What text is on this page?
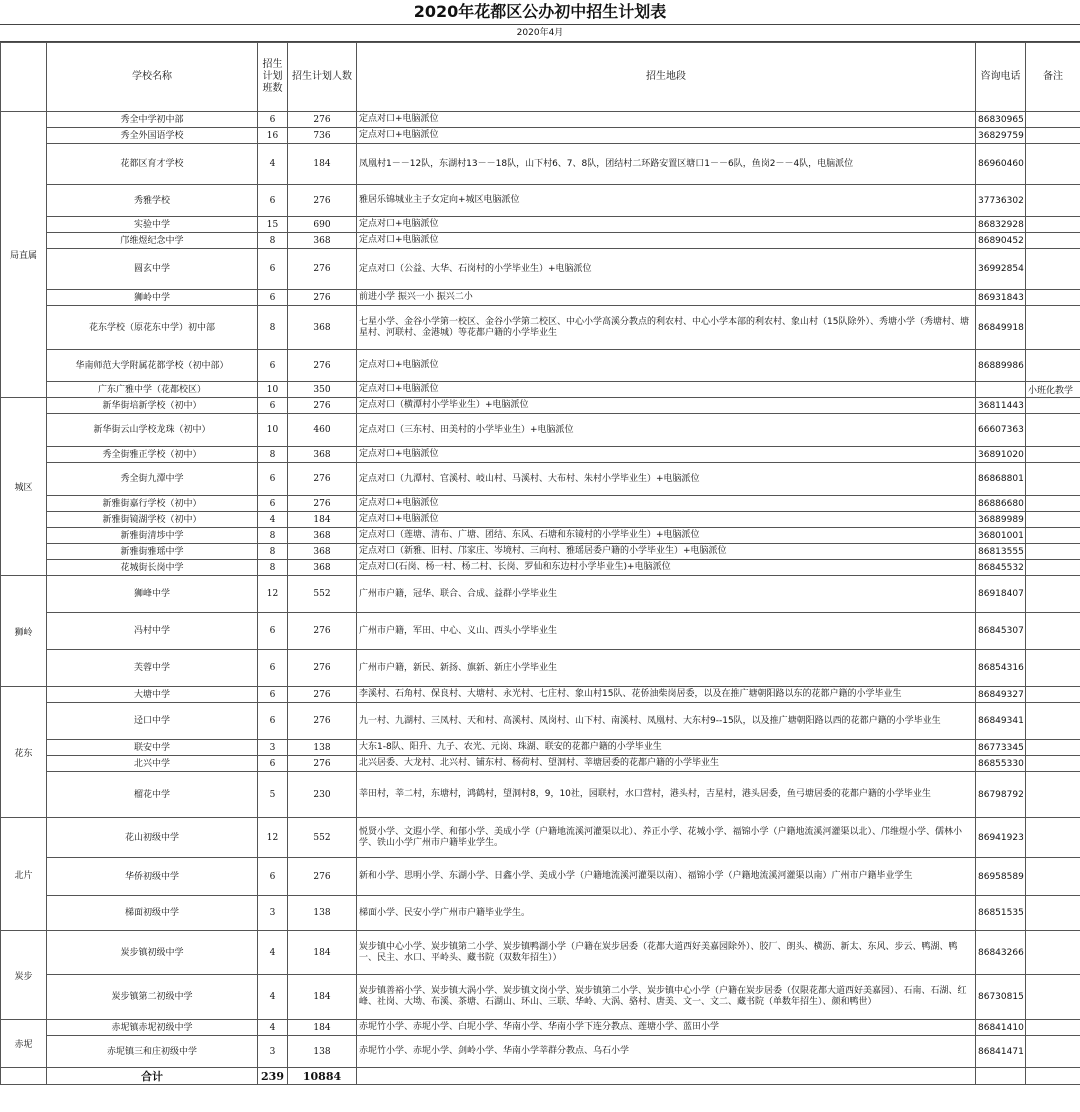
2020年花都区公办初中招生计划表
2020年4月
	学校名称	招生计划班数	招生计划人数	招生地段	咨询电话	备注
局直属	秀全中学初中部	6	276	定点对口+电脑派位	86830965	
	秀全外国语学校	16	736	定点对口+电脑派位	36829759	
	花都区育才学校	4	184	凤凰村1－－12队，东湖村13－－18队，山下村6、7、8队，团结村二环路安置区塘口1－－6队，鱼岗2－－4队，电脑派位	86960460	
	秀雅学校	6	276	雅居乐锦城业主子女定向+城区电脑派位	37736302	
	实验中学	15	690	定点对口+电脑派位	86832928	
	邝维煜纪念中学	8	368	定点对口+电脑派位	86890452	
	圆玄中学	6	276	定点对口（公益、大华、石岗村的小学毕业生）+电脑派位	36992854	
	狮岭中学	6	276	前进小学 振兴一小 振兴二小	86931843	
	花东学校（原花东中学）初中部	8	368	七星小学、金谷小学第一校区、金谷小学第二校区、中心小学高溪分教点的利农村、中心小学本部的利农村、象山村（15队除外）、秀塘小学（秀塘村、塘星村、河联村、金港城）等花都户籍的小学毕业生	86849918	
	华南师范大学附属花都学校（初中部）	6	276	定点对口+电脑派位	86889986	
	广东广雅中学（花都校区）	10	350	定点对口+电脑派位		小班化教学
城区	新华街培新学校（初中）	6	276	定点对口（横潭村小学毕业生）+电脑派位	36811443	
	新华街云山学校龙珠（初中）	10	460	定点对口（三东村、田美村的小学毕业生）+电脑派位	66607363	
	秀全街雅正学校（初中）	8	368	定点对口+电脑派位	36891020	
	秀全街九潭中学	6	276	定点对口（九潭村、官溪村、岐山村、马溪村、大布村、朱村小学毕业生）+电脑派位	86868801	
	新雅街嘉行学校（初中）	6	276	定点对口+电脑派位	86886680	
	新雅街镜湖学校（初中）	4	184	定点对口+电脑派位	36889989	
	新雅街清埗中学	8	368	定点对口（莲塘、清布、广塘、团结、东风、石塘和东镜村的小学毕业生）+电脑派位	36801001	
	新雅街雅瑶中学	8	368	定点对口（新雅、旧村、邝家庄、岑境村、三向村、雅瑶居委户籍的小学毕业生）+电脑派位	86813555	
	花城街长岗中学	8	368	定点对口(石岗、杨一村、杨二村、长岗、罗仙和东边村小学毕业生)+电脑派位	86845532	
狮岭	狮峰中学	12	552	广州市户籍，冠华、联合、合成、益群小学毕业生	86918407	
	冯村中学	6	276	广州市户籍，军田、中心、义山、西头小学毕业生	86845307	
	芙蓉中学	6	276	广州市户籍，新民、新扬、旗新、新庄小学毕业生	86854316	
花东	大塘中学	6	276	李溪村、石角村、保良村、大塘村、永光村、七庄村、象山村15队、花侨油柴岗居委，以及在推广塘朝阳路以东的花都户籍的小学毕业生	86849327	
	迳口中学	6	276	九一村、九湖村、三凤村、天和村、高溪村、凤岗村、山下村、南溪村、凤凰村、大东村9--15队，以及推广塘朝阳路以西的花都户籍的小学毕业生	86849341	
	联安中学	3	138	大东1-8队、阳升、九子、农光、元岗、珠湖、联安的花都户籍的小学毕业生	86773345	
	北兴中学	6	276	北兴居委、大龙村、北兴村、铺东村、杨荷村、望洞村、莘塘居委的花都户籍的小学毕业生	86855330	
	榴花中学	5	230	莘田村，莘二村，东塘村，鸿鹤村，望洞村8，9，10社，园联村，水口营村，港头村，吉星村，港头居委，鱼弓塘居委的花都户籍的小学毕业生	86798792	
北片	花山初级中学	12	552	悦贤小学、文遐小学、和郁小学、美成小学（户籍地流溪河灌渠以北）、养正小学、花城小学、福锦小学（户籍地流溪河灌渠以北）、邝维煜小学、儒林小学、铁山小学广州市户籍毕业学生。	86941923	
	华侨初级中学	6	276	新和小学、思明小学、东湖小学、日鑫小学、美成小学（户籍地流溪河灌渠以南）、福锦小学（户籍地流溪河灌渠以南）广州市户籍毕业学生	86958589	
	梯面初级中学	3	138	梯面小学、民安小学广州市户籍毕业学生。	86851535	
炭步	炭步镇初级中学	4	184	炭步镇中心小学、炭步镇第二小学、炭步镇鸭湖小学（户籍在炭步居委（花都大道西好美嘉园除外）、胶厂、朗头、横沥、新太、东风、步云、鸭湖、鸭一、民主、水口、平岭头、藏书院（双数年招生））	86843266	
	炭步镇第二初级中学	4	184	炭步镇善裕小学、炭步镇大涡小学、炭步镇文岗小学、炭步镇第二小学、炭步镇中心小学（户籍在炭步居委（仅限花都大道西好美嘉园）、石南、石湖、红峰、社岗、大坳、布溪、茶塘、石湖山、环山、三联、华岭、大涡、骆村、唐美、文一、文二、藏书院（单数年招生）、颜和鸭世）	86730815	
赤坭	赤坭镇赤坭初级中学	4	184	赤坭竹小学、赤坭小学、白坭小学、华南小学、华南小学下连分教点、莲塘小学、蓝田小学	86841410	
	赤坭镇三和庄初级中学	3	138	赤坭竹小学、赤坭小学、剑岭小学、华南小学莘群分教点、乌石小学	86841471	
	合计	239	10884			
